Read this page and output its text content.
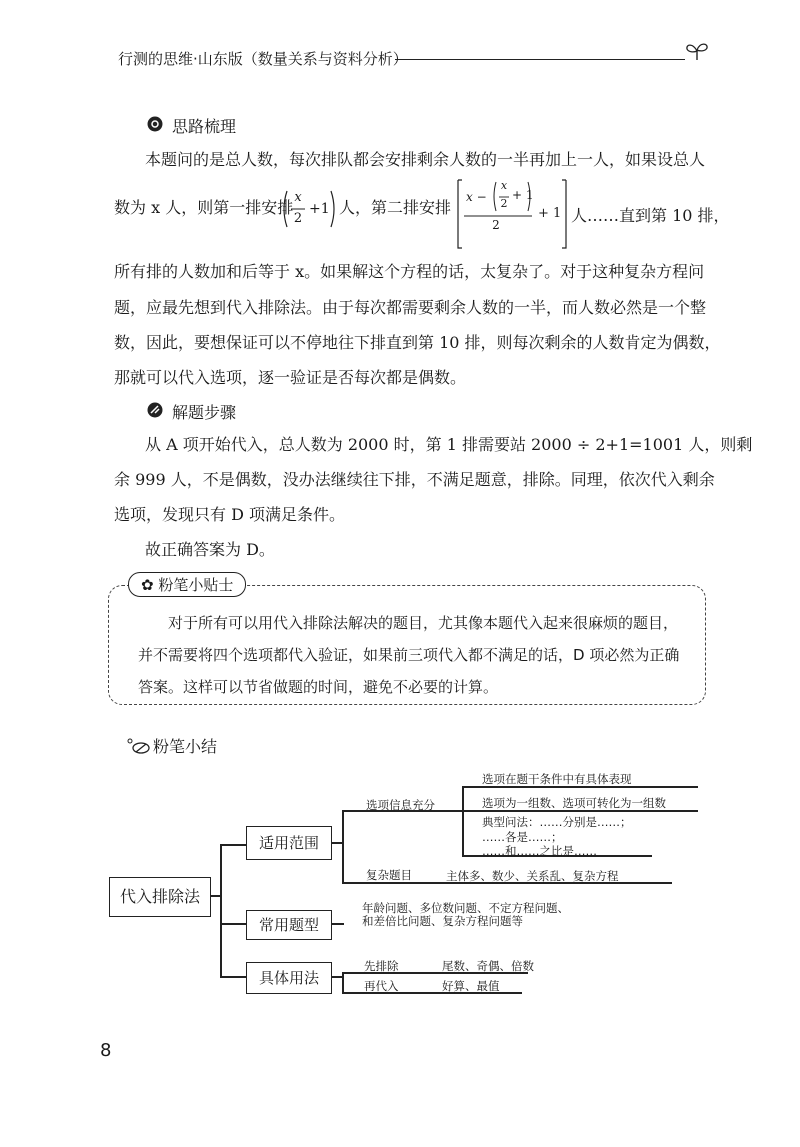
行测的思维·山东版（数量关系与资料分析）
思路梳理
本题问的是总人数，每次排队都会安排剩余人数的一半再加上一人，如果设总人
数为 x 人，则第一排安排
x
2
+1 人，第二排安排
x −
x
2
+ 1
2
+ 1 人……直到第 10 排，
所有排的人数加和后等于 x。如果解这个方程的话，太复杂了。对于这种复杂方程问
题，应最先想到代入排除法。由于每次都需要剩余人数的一半，而人数必然是一个整
数，因此，要想保证可以不停地往下排直到第 10 排，则每次剩余的人数肯定为偶数，
那就可以代入选项，逐一验证是否每次都是偶数。
解题步骤
从 A 项开始代入，总人数为 2000 时，第 1 排需要站 2000 ÷ 2+1=1001 人，则剩
余 999 人，不是偶数，没办法继续往下排，不满足题意，排除。同理，依次代入剩余
选项，发现只有 D 项满足条件。
故正确答案为 D。
✿ 粉笔小贴士
对于所有可以用代入排除法解决的题目，尤其像本题代入起来很麻烦的题目，
并不需要将四个选项都代入验证，如果前三项代入都不满足的话，D 项必然为正确
答案。这样可以节省做题的时间，避免不必要的计算。
粉笔小结
代入排除法
适用范围
常用题型
具体用法
选项信息充分
复杂题目	主体多、数少、关系乱、复杂方程
选项在题干条件中有具体表现
选项为一组数、选项可转化为一组数
典型问法：……分别是……；
……各是……；
……和……之比是……
年龄问题、多位数问题、不定方程问题、
和差倍比问题、复杂方程问题等
先排除	尾数、奇偶、倍数
再代入	好算、最值
8
